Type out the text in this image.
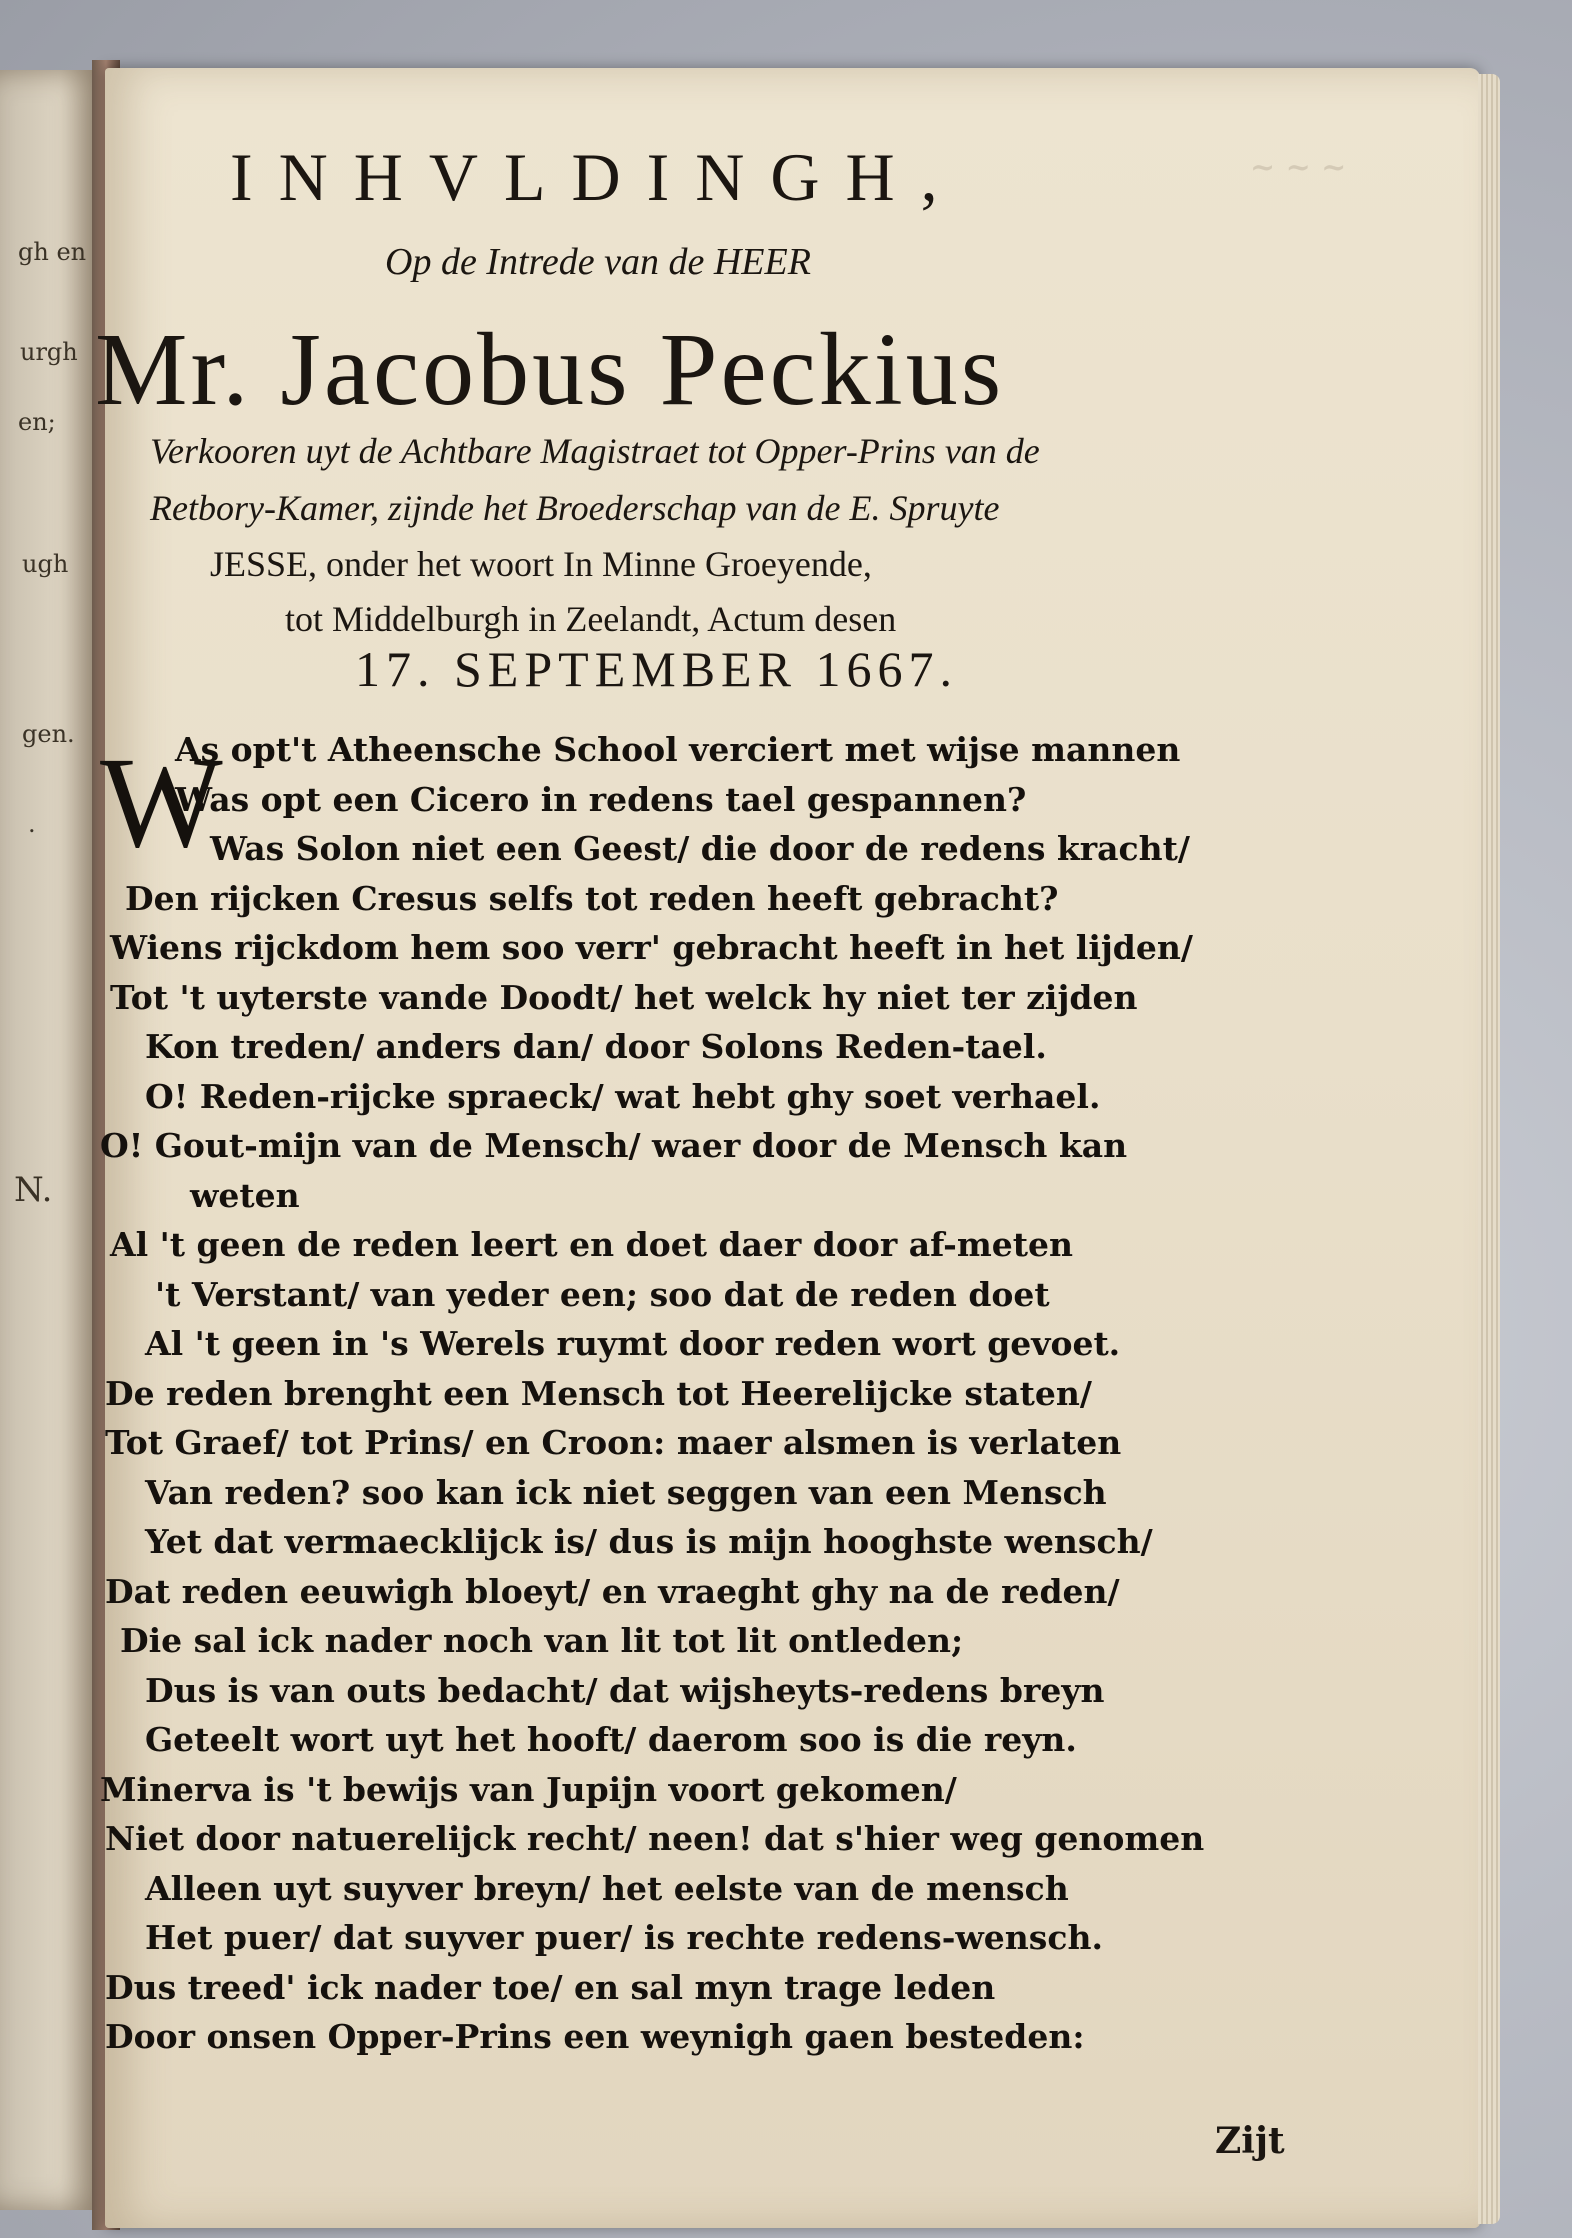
gh en
urgh
en;
ugh
gen.
.
N.
~ ~ ~
INHVLDINGH,
Op de Intrede van de HEER
Mr. Jacobus Peckius
Verkooren uyt de Achtbare Magistraet tot Opper-Prins van de
Retbory-Kamer, zijnde het Broederschap van de E. Spruyte
JESSE, onder het woort In Minne Groeyende,
tot Middelburgh in Zeelandt, Actum desen
17. SEPTEMBER 1667.
W
As opt't Atheensche School verciert met wijse mannen
Was opt een Cicero in redens tael gespannen?
Was Solon niet een Geest/ die door de redens kracht/
Den rijcken Cresus selfs tot reden heeft gebracht?
Wiens rijckdom hem soo verr' gebracht heeft in het lijden/
Tot 't uyterste vande Doodt/ het welck hy niet ter zijden
Kon treden/ anders dan/ door Solons Reden-tael.
O! Reden-rijcke spraeck/ wat hebt ghy soet verhael.
O! Gout-mijn van de Mensch/ waer door de Mensch kan
weten
Al 't geen de reden leert en doet daer door af-meten
't Verstant/ van yeder een; soo dat de reden doet
Al 't geen in 's Werels ruymt door reden wort gevoet.
De reden brenght een Mensch tot Heerelijcke staten/
Tot Graef/ tot Prins/ en Croon: maer alsmen is verlaten
Van reden? soo kan ick niet seggen van een Mensch
Yet dat vermaecklijck is/ dus is mijn hooghste wensch/
Dat reden eeuwigh bloeyt/ en vraeght ghy na de reden/
Die sal ick nader noch van lit tot lit ontleden;
Dus is van outs bedacht/ dat wijsheyts-redens breyn
Geteelt wort uyt het hooft/ daerom soo is die reyn.
Minerva is 't bewijs van Jupijn voort gekomen/
Niet door natuerelijck recht/ neen! dat s'hier weg genomen
Alleen uyt suyver breyn/ het eelste van de mensch
Het puer/ dat suyver puer/ is rechte redens-wensch.
Dus treed' ick nader toe/ en sal myn trage leden
Door onsen Opper-Prins een weynigh gaen besteden:
Zijt
